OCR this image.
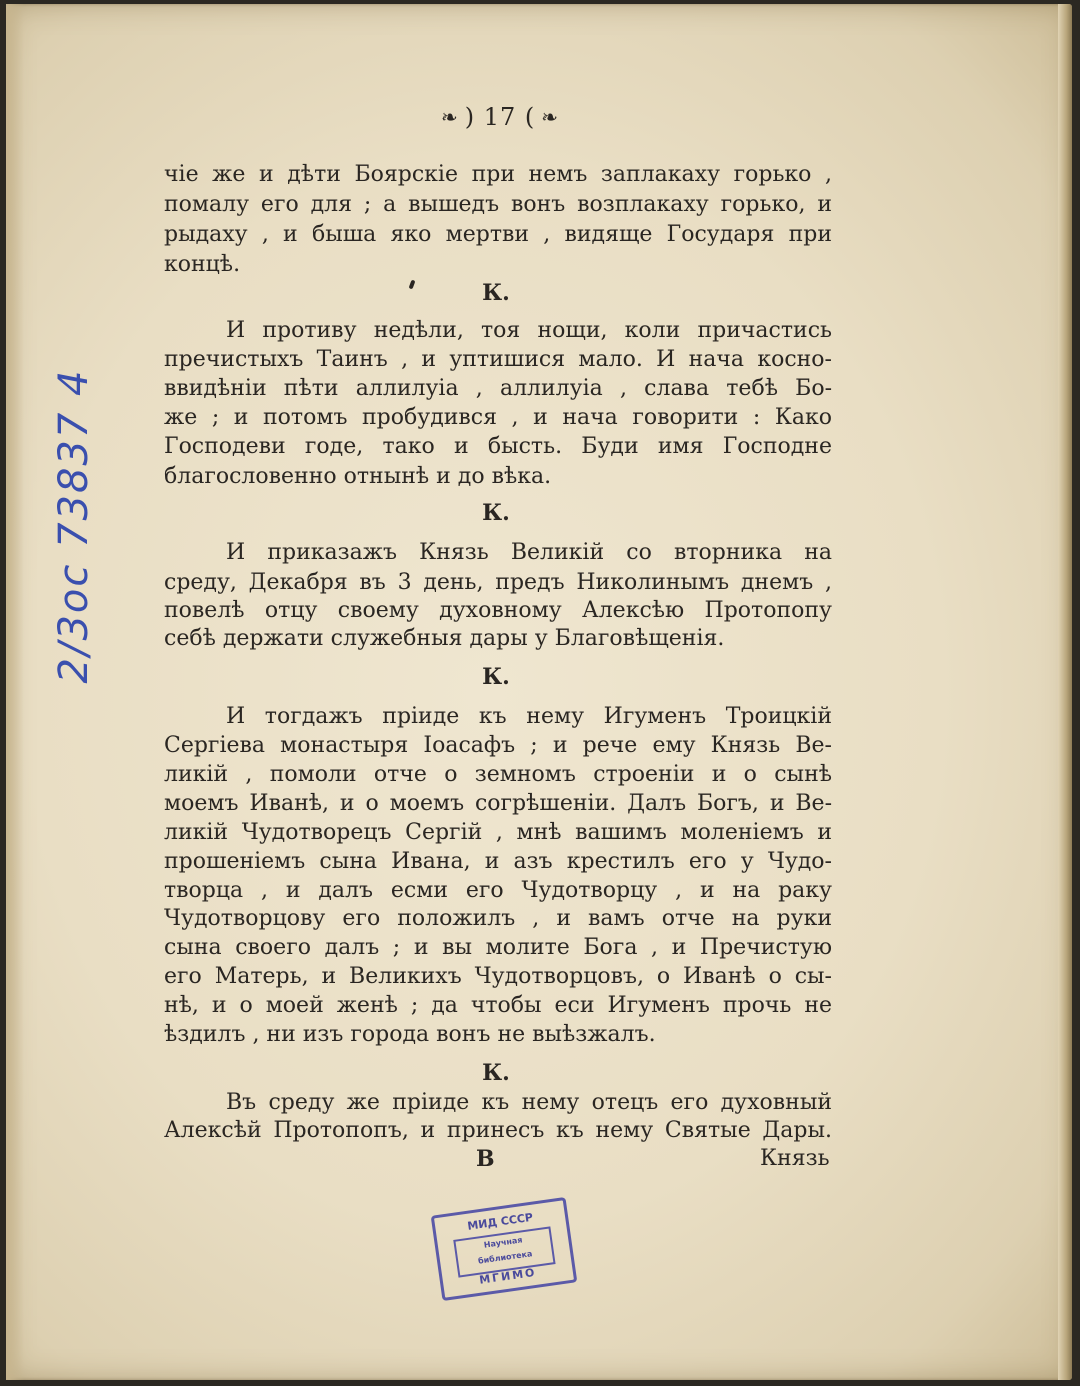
❧ ) 17 ( ❧
чіе же и дѣти Боярскіе при немъ заплакаху горько ,
помалу его для ; а вышедъ вонъ возплакаху горько, и
рыдаху , и быша яко мертви , видяще Государя при
концѣ.
К.
И противу недѣли, тоя нощи, коли причастись
пречистыхъ Таинъ , и уптишися мало. И нача косно-
ввидѣніи пѣти аллилуіа , аллилуіа , слава тебѣ Бо-
же ; и потомъ пробудився , и нача говорити : Како
Господеви годе, тако и бысть. Буди имя Господне
благословенно отнынѣ и до вѣка.
К.
И приказажъ Князь Великій со вторника на
среду, Декабря въ 3 день, предъ Николинымъ днемъ ,
повелѣ отцу своему духовному Алексѣю Протопопу
себѣ держати служебныя дары у Благовѣщенія.
К.
И тогдажъ пріиде къ нему Игуменъ Троицкій
Сергіева монастыря Іоасафъ ; и рече ему Князь Ве-
ликій , помоли отче о земномъ строеніи и о сынѣ
моемъ Иванѣ, и о моемъ согрѣшеніи. Далъ Богъ, и Ве-
ликій Чудотворецъ Сергій , мнѣ вашимъ моленіемъ и
прошеніемъ сына Ивана, и азъ крестилъ его у Чудо-
творца , и далъ есми его Чудотворцу , и на раку
Чудотворцову его положилъ , и вамъ отче на руки
сына своего далъ ; и вы молите Бога , и Пречистую
его Матерь, и Великихъ Чудотворцовъ, о Иванѣ о сы-
нѣ, и о моей женѣ ; да чтобы еси Игуменъ прочь не
ѣздилъ , ни изъ города вонъ не выѣзжалъ.
К.
Въ среду же пріиде къ нему отецъ его духовный
Алексѣй Протопопъ, и принесъ къ нему Святые Дары.
В	Князь
2/3oc 73837 4
МИД СССР
Научная
библиотека
МГИМО
